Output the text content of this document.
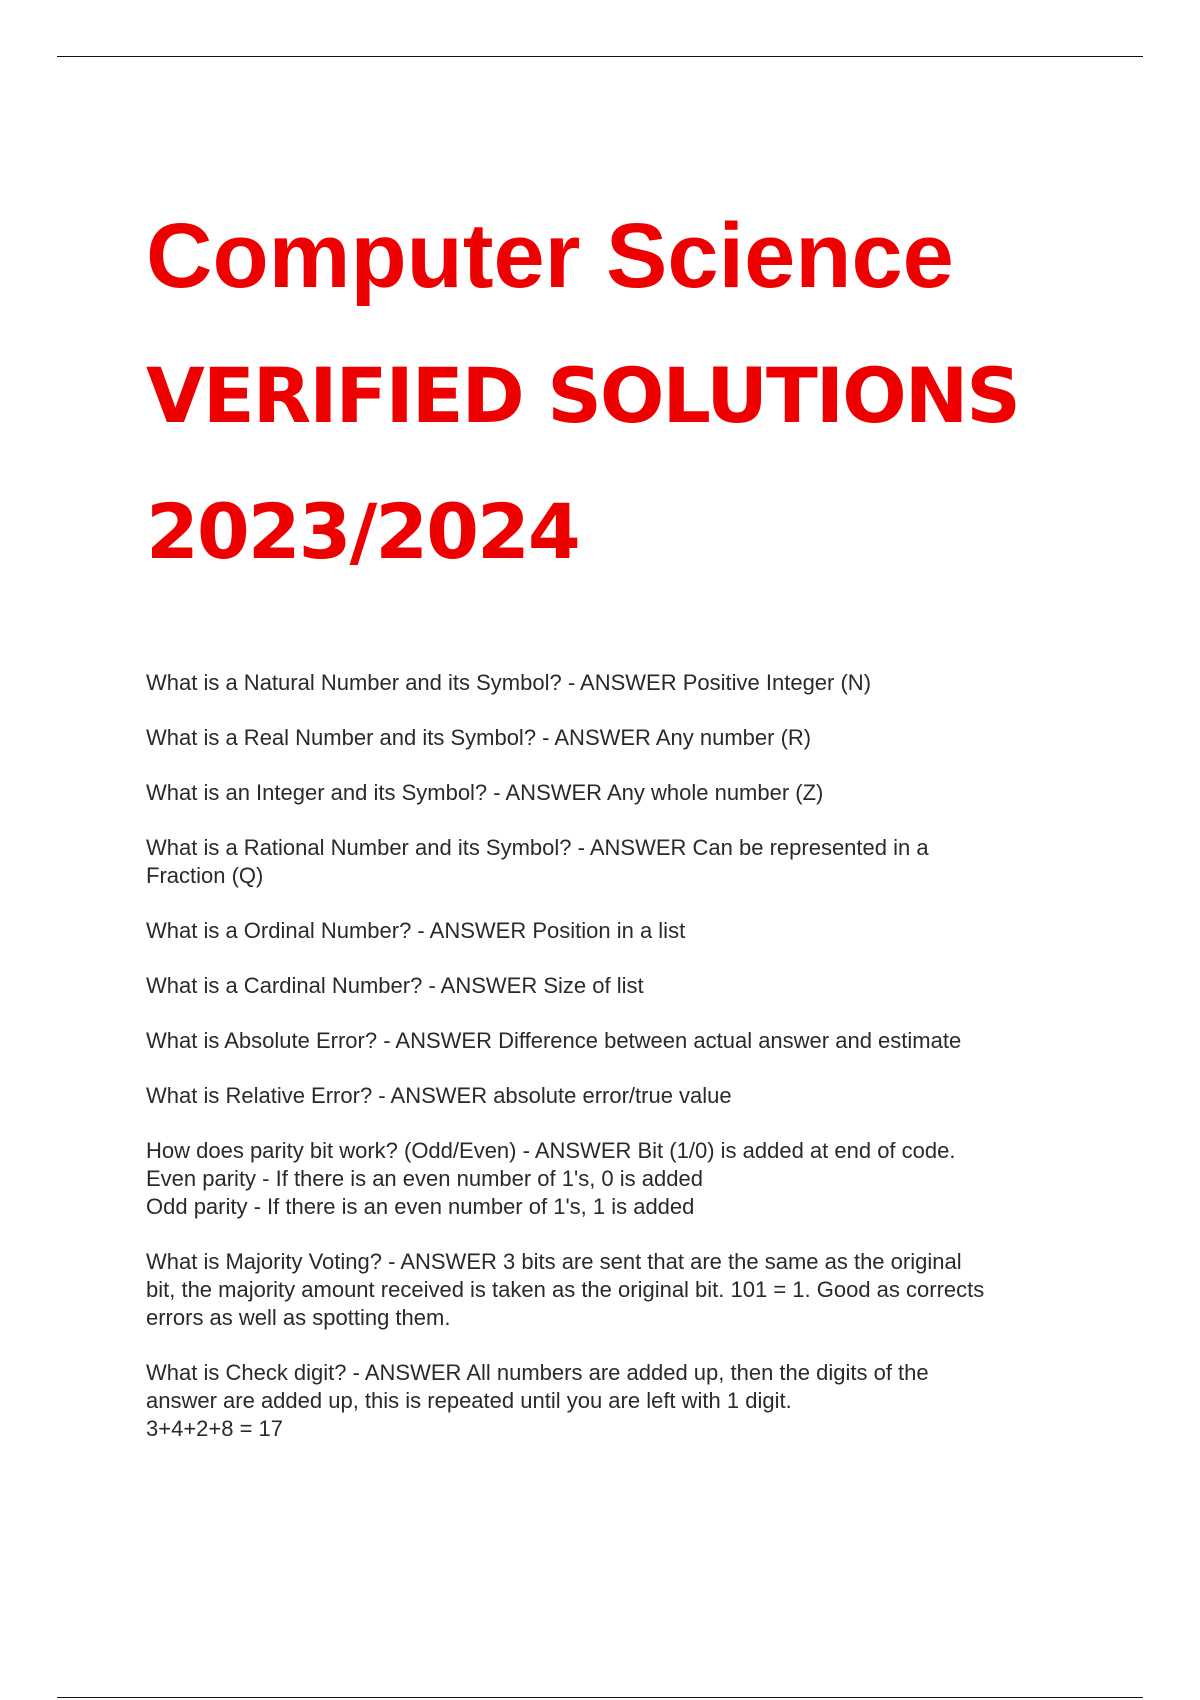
Computer Science

VERIFIED SOLUTIONS

2023/2024

What is a Natural Number and its Symbol? - ANSWER Positive Integer (N)
What is a Real Number and its Symbol? - ANSWER Any number (R)
What is an Integer and its Symbol? - ANSWER Any whole number (Z)
What is a Rational Number and its Symbol? - ANSWER Can be represented in a
Fraction (Q)
What is a Ordinal Number? - ANSWER Position in a list
What is a Cardinal Number? - ANSWER Size of list
What is Absolute Error? - ANSWER Difference between actual answer and estimate
What is Relative Error? - ANSWER absolute error/true value
How does parity bit work? (Odd/Even) - ANSWER Bit (1/0) is added at end of code.
Even parity - If there is an even number of 1's, 0 is added
Odd parity - If there is an even number of 1's, 1 is added
What is Majority Voting? - ANSWER 3 bits are sent that are the same as the original
bit, the majority amount received is taken as the original bit. 101 = 1. Good as corrects
errors as well as spotting them.
What is Check digit? - ANSWER All numbers are added up, then the digits of the
answer are added up, this is repeated until you are left with 1 digit.
3+4+2+8 = 17
